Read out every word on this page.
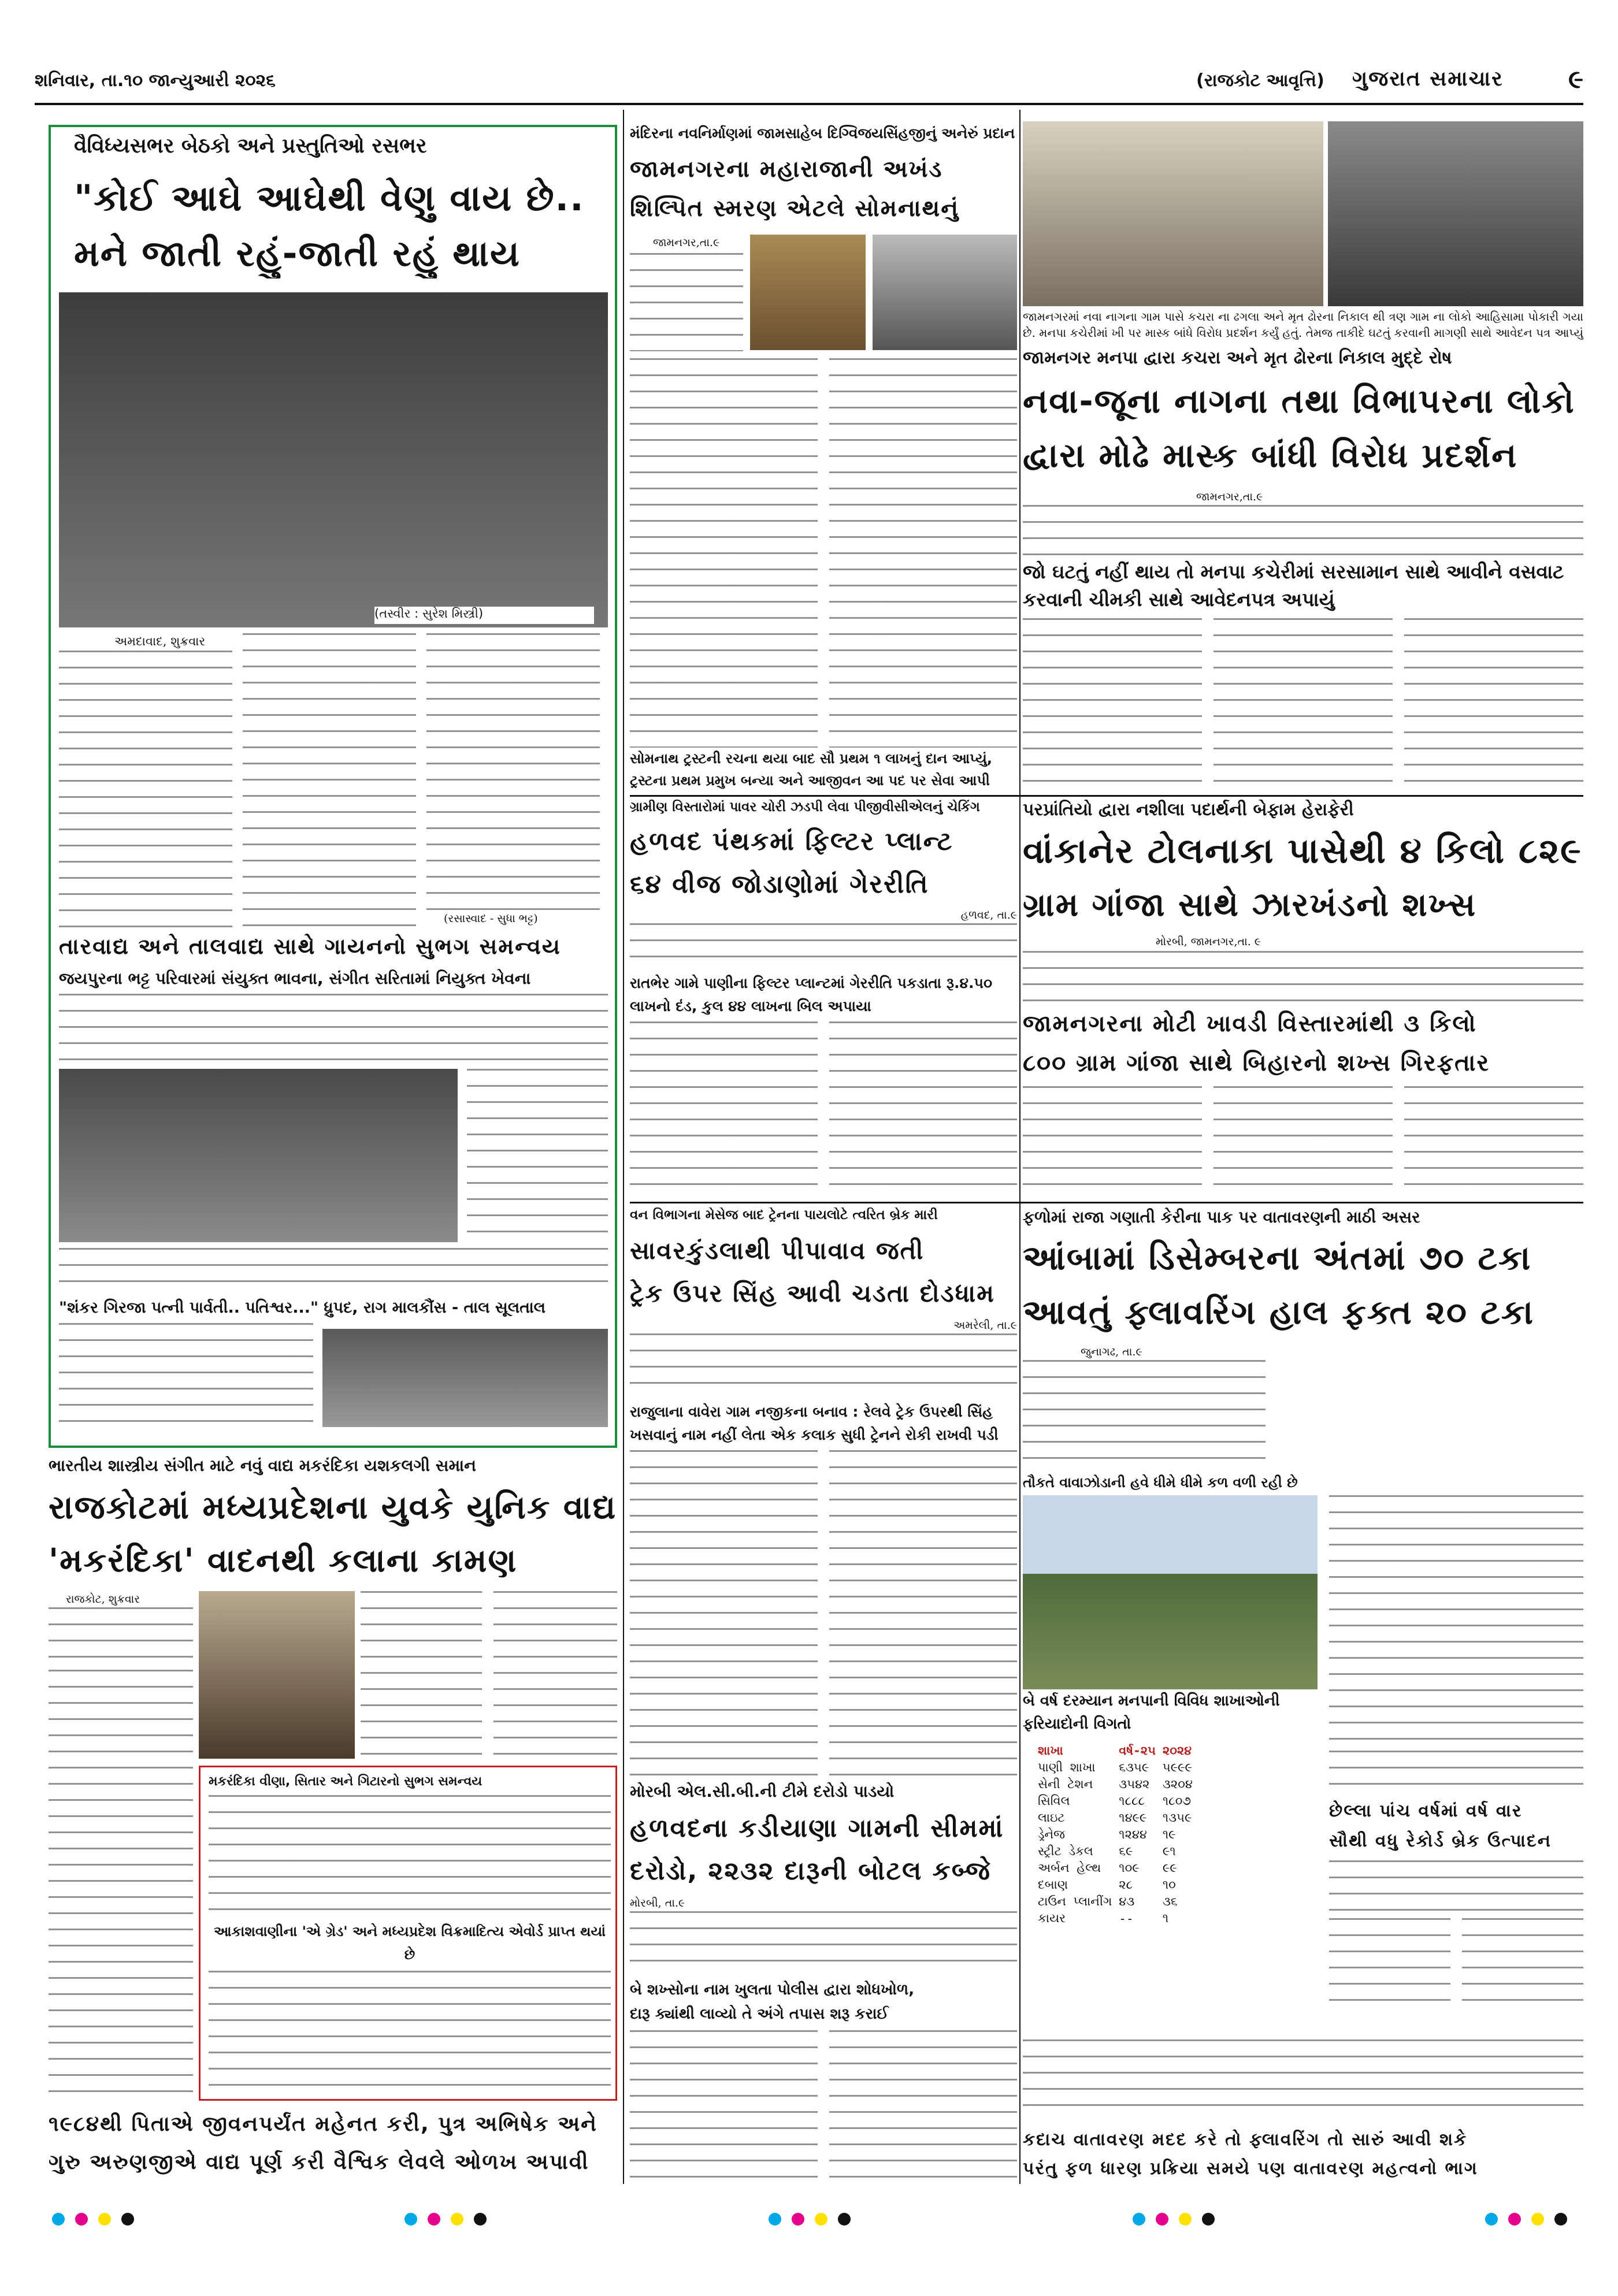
શનિવાર, તા.૧૦ જાન્યુઆરી ૨૦૨૬	(રાજકોટ આવૃત્તિ)	ગુજરાત સમાચાર	૯
વૈવિધ્યસભર બેઠકો અને પ્રસ્તુતિઓ રસભર
"કોઈ આઘે આઘેથી વેણુ વાય છે..
મને જાતી રહું-જાતી રહું થાય
(તસ્વીર : સુરેશ મિસ્ત્રી)
અમદાવાદ, શુક્રવાર
(રસાસ્વાદ - સુધા ભટ્ટ)
તારવાદ્ય અને તાલવાદ્ય સાથે ગાયનનો સુભગ સમન્વય
જયપુરના ભટ્ટ પરિવારમાં સંયુક્ત ભાવના, સંગીત સરિતામાં નિયુક્ત ખેવના
"શંકર ગિરજા પત્ની પાર્વતી.. પતિશ્વર..." ધ્રુપદ, રાગ માલકૌંસ - તાલ સૂલતાલ
મંદિરના નવનિર્માણમાં જામસાહેબ દિગ્વિજયસિંહજીનું અનેરું પ્રદાન
જામનગરના મહારાજાની અખંડ
શિલ્પિત સ્મરણ એટલે સોમનાથનું
જામનગર,તા.૯
સોમનાથ ટ્રસ્ટની રચના થયા બાદ સૌ પ્રથમ ૧ લાખનું દાન આપ્યું, ટ્રસ્ટના પ્રથમ પ્રમુખ બન્યા અને આજીવન આ પદ પર સેવા આપી
જામનગરમાં નવા નાગના ગામ પાસે કચરા ના ઢગલા અને મૃત ઢોરના નિકાલ થી ત્રણ ગામ ના લોકો આહિસામા પોકારી ગયા છે. મનપા કચેરીમાં ખી પર માસ્ક બાંધે વિરોધ પ્રદર્શન કર્યું હતું. તેમજ તાકીદે ઘટતું કરવાની માગણી સાથે આવેદન પત્ર આપ્યું
જામનગર મનપા દ્વારા કચરા અને મૃત ઢોરના નિકાલ મુદ્દે રોષ
નવા-જૂના નાગના તથા વિભાપરના લોકો
દ્વારા મોઢે માસ્ક બાંધી વિરોધ પ્રદર્શન
જામનગર,તા.૯
જો ઘટતું નહીં થાય તો મનપા કચેરીમાં સરસામાન સાથે આવીને વસવાટ કરવાની ચીમકી સાથે આવેદનપત્ર અપાયું
ગ્રામીણ વિસ્તારોમાં પાવર ચોરી ઝડપી લેવા પીજીવીસીએલનું ચેકિંગ
હળવદ પંથકમાં ફિલ્ટર પ્લાન્ટ
૬૪ વીજ જોડાણોમાં ગેરરીતિ
હળવદ, તા.૯
રાતભેર ગામે પાણીના ફિલ્ટર પ્લાન્ટમાં ગેરરીતિ પકડાતા રૂ.૪.૫૦ લાખનો દંડ, કુલ ૪૪ લાખના બિલ અપાયા
પરપ્રાંતિયો દ્વારા નશીલા પદાર્થની બેફામ હેરાફેરી
વાંકાનેર ટોલનાકા પાસેથી ૪ કિલો ૮૨૯
ગ્રામ ગાંજા સાથે ઝારખંડનો શખ્સ
મોરબી, જામનગર,તા. ૯
જામનગરના મોટી ખાવડી વિસ્તારમાંથી ૩ કિલો
૮૦૦ ગ્રામ ગાંજા સાથે બિહારનો શખ્સ ગિરફતાર
વન વિભાગના મેસેજ બાદ ટ્રેનના પાયલોટે ત્વરિત બ્રેક મારી
સાવરકુંડલાથી પીપાવાવ જતી
ટ્રેક ઉપર સિંહ આવી ચડતા દોડધામ
અમરેલી, તા.૯
રાજુલાના વાવેરા ગામ નજીકના બનાવ : રેલવે ટ્રેક ઉપરથી સિંહ ખસવાનું નામ નહીં લેતા એક કલાક સુધી ટ્રેનને રોકી રાખવી પડી
ફળોમાં રાજા ગણાતી કેરીના પાક પર વાતાવરણની માઠી અસર
આંબામાં ડિસેમ્બરના અંતમાં ૭૦ ટકા
આવતું ફ્લાવરિંગ હાલ ફક્ત ૨૦ ટકા
જુનાગઢ, તા.૯
તૌકતે વાવાઝોડાની હવે ધીમે ધીમે કળ વળી રહી છે
છેલ્લા પાંચ વર્ષમાં વર્ષ વાર
સૌથી વધુ રેકોર્ડ બ્રેક ઉત્પાદન
કદાચ વાતાવરણ મદદ કરે તો ફ્લાવરિંગ તો સારું આવી શકે
પરંતુ ફળ ધારણ પ્રક્રિયા સમયે પણ વાતાવરણ મહત્વનો ભાગ
બે વર્ષ દરમ્યાન મનપાની વિવિધ શાખાઓની ફરિયાદોની વિગતો
શાખા	વર્ષ-૨૫	૨૦૨૪
પાણી શાખા	૬૩૫૯	૫૯૯૯
સેની ટેશન	૩૫૪૨	૩૨૦૪
સિવિલ	૧૮૮૮	૧૮૦૭
લાઇટ	૧૪૯૯	૧૩૫૯
ડ્રેનેજ	૧૨૪૪	૧૯
સ્ટ્રીટ ડેકલ	૬૯	૯૧
અર્બન હેલ્થ	૧૦૯	૯૯
દબાણ	૨૮	૧૦
ટાઉન પ્લાનીંગ	૪૩	૩૬
કાયર	--	૧
ભારતીય શાસ્ત્રીય સંગીત માટે નવું વાદ્ય મકરંદિકા યશકલગી સમાન
રાજકોટમાં મધ્યપ્રદેશના યુવકે યુનિક વાદ્ય
'મકરંદિકા' વાદનથી કલાના કામણ
રાજકોટ, શુક્રવાર
મકરંદિકા વીણા, સિતાર અને ગિટારનો સુભગ સમન્વય
આકાશવાણીના 'એ ગ્રેડ' અને મધ્યપ્રદેશ વિક્રમાદિત્ય એવોર્ડ પ્રાપ્ત થયાં છે
૧૯૮૪થી પિતાએ જીવનપર્યંત મહેનત કરી, પુત્ર અભિષેક અને
ગુરુ અરુણજીએ વાદ્ય પૂર્ણ કરી વૈશ્વિક લેવલે ઓળખ અપાવી
મોરબી એલ.સી.બી.ની ટીમે દરોડો પાડયો
હળવદના કડીયાણા ગામની સીમમાં
દરોડો, ૨૨૩૨ દારૂની બોટલ કબ્જે
મોરબી, તા.૯
બે શખ્સોના નામ ખુલતા પોલીસ દ્વારા શોધખોળ,
દારૂ ક્યાંથી લાવ્યો તે અંગે તપાસ શરૂ કરાઈ
